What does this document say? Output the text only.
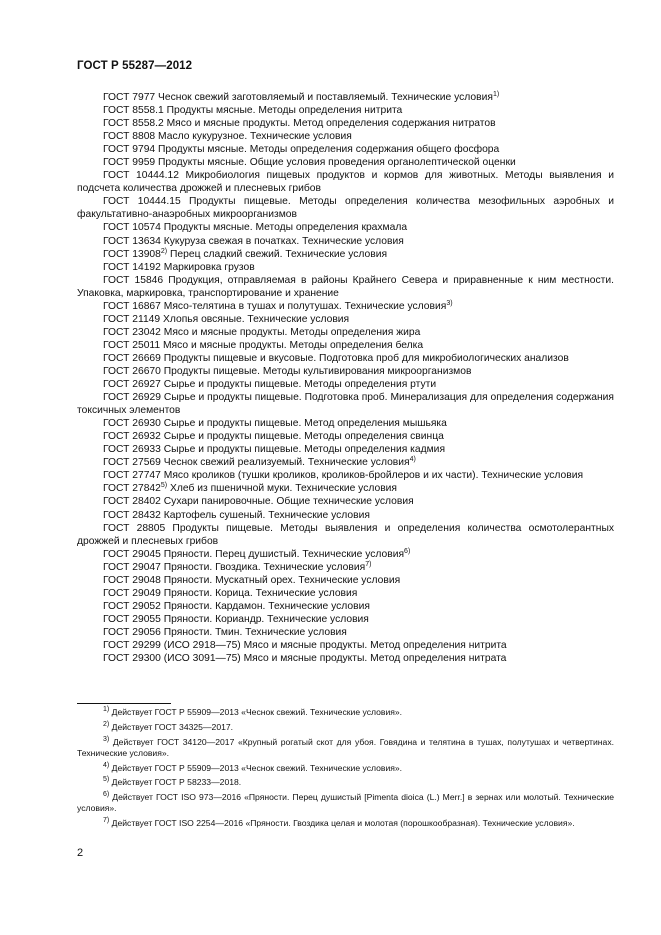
ГОСТ Р 55287—2012

ГОСТ 7977 Чеснок свежий заготовляемый и поставляемый. Технические условия$^{1)}$

ГОСТ 8558.1 Продукты мясные. Методы определения нитрита

ГОСТ 8558.2 Мясо и мясные продукты. Метод определения содержания нитратов

ГОСТ 8808 Масло кукурузное. Технические условия

ГОСТ 9794 Продукты мясные. Методы определения содержания общего фосфора

ГОСТ 9959 Продукты мясные. Общие условия проведения органолептической оценки

ГОСТ 10444.12 Микробиология пищевых продуктов и кормов для животных. Методы выявления и подсчета количества дрожжей и плесневых грибов

ГОСТ 10444.15 Продукты пищевые. Методы определения количества мезофильных аэробных и факультативно-анаэробных микроорганизмов

ГОСТ 10574 Продукты мясные. Методы определения крахмала

ГОСТ 13634 Кукуруза свежая в початках. Технические условия

ГОСТ 13908$^{2)}$ Перец сладкий свежий. Технические условия

ГОСТ 14192 Маркировка грузов

ГОСТ 15846 Продукция, отправляемая в районы Крайнего Севера и приравненные к ним местности. Упаковка, маркировка, транспортирование и хранение

ГОСТ 16867 Мясо-телятина в тушах и полутушах. Технические условия$^{3)}$

ГОСТ 21149 Хлопья овсяные. Технические условия

ГОСТ 23042 Мясо и мясные продукты. Методы определения жира

ГОСТ 25011 Мясо и мясные продукты. Методы определения белка

ГОСТ 26669 Продукты пищевые и вкусовые. Подготовка проб для микробиологических анализов

ГОСТ 26670 Продукты пищевые. Методы культивирования микроорганизмов

ГОСТ 26927 Сырье и продукты пищевые. Методы определения ртути

ГОСТ 26929 Сырье и продукты пищевые. Подготовка проб. Минерализация для определения содержания токсичных элементов

ГОСТ 26930 Сырье и продукты пищевые. Метод определения мышьяка

ГОСТ 26932 Сырье и продукты пищевые. Методы определения свинца

ГОСТ 26933 Сырье и продукты пищевые. Методы определения кадмия

ГОСТ 27569 Чеснок свежий реализуемый. Технические условия$^{4)}$

ГОСТ 27747 Мясо кроликов (тушки кроликов, кроликов-бройлеров и их части). Технические условия

ГОСТ 27842$^{5)}$ Хлеб из пшеничной муки. Технические условия

ГОСТ 28402 Сухари панировочные. Общие технические условия

ГОСТ 28432 Картофель сушеный. Технические условия

ГОСТ 28805 Продукты пищевые. Методы выявления и определения количества осмотолерантных дрожжей и плесневых грибов

ГОСТ 29045 Пряности. Перец душистый. Технические условия$^{6)}$

ГОСТ 29047 Пряности. Гвоздика. Технические условия$^{7)}$

ГОСТ 29048 Пряности. Мускатный орех. Технические условия

ГОСТ 29049 Пряности. Корица. Технические условия

ГОСТ 29052 Пряности. Кардамон. Технические условия

ГОСТ 29055 Пряности. Кориандр. Технические условия

ГОСТ 29056 Пряности. Тмин. Технические условия

ГОСТ 29299 (ИСО 2918—75) Мясо и мясные продукты. Метод определения нитрита

ГОСТ 29300 (ИСО 3091—75) Мясо и мясные продукты. Метод определения нитрата

$^{1)}$ Действует ГОСТ Р 55909—2013 «Чеснок свежий. Технические условия».

$^{2)}$ Действует ГОСТ 34325—2017.

$^{3)}$ Действует ГОСТ 34120—2017 «Крупный рогатый скот для убоя. Говядина и телятина в тушах, полутушах и четвертинах. Технические условия».

$^{4)}$ Действует ГОСТ Р 55909—2013 «Чеснок свежий. Технические условия».

$^{5)}$ Действует ГОСТ Р 58233—2018.

$^{6)}$ Действует ГОСТ ISO 973—2016 «Пряности. Перец душистый [Pimenta dioica (L.) Merr.] в зернах или молотый. Технические условия».

$^{7)}$ Действует ГОСТ ISO 2254—2016 «Пряности. Гвоздика целая и молотая (порошкообразная). Технические условия».

2
